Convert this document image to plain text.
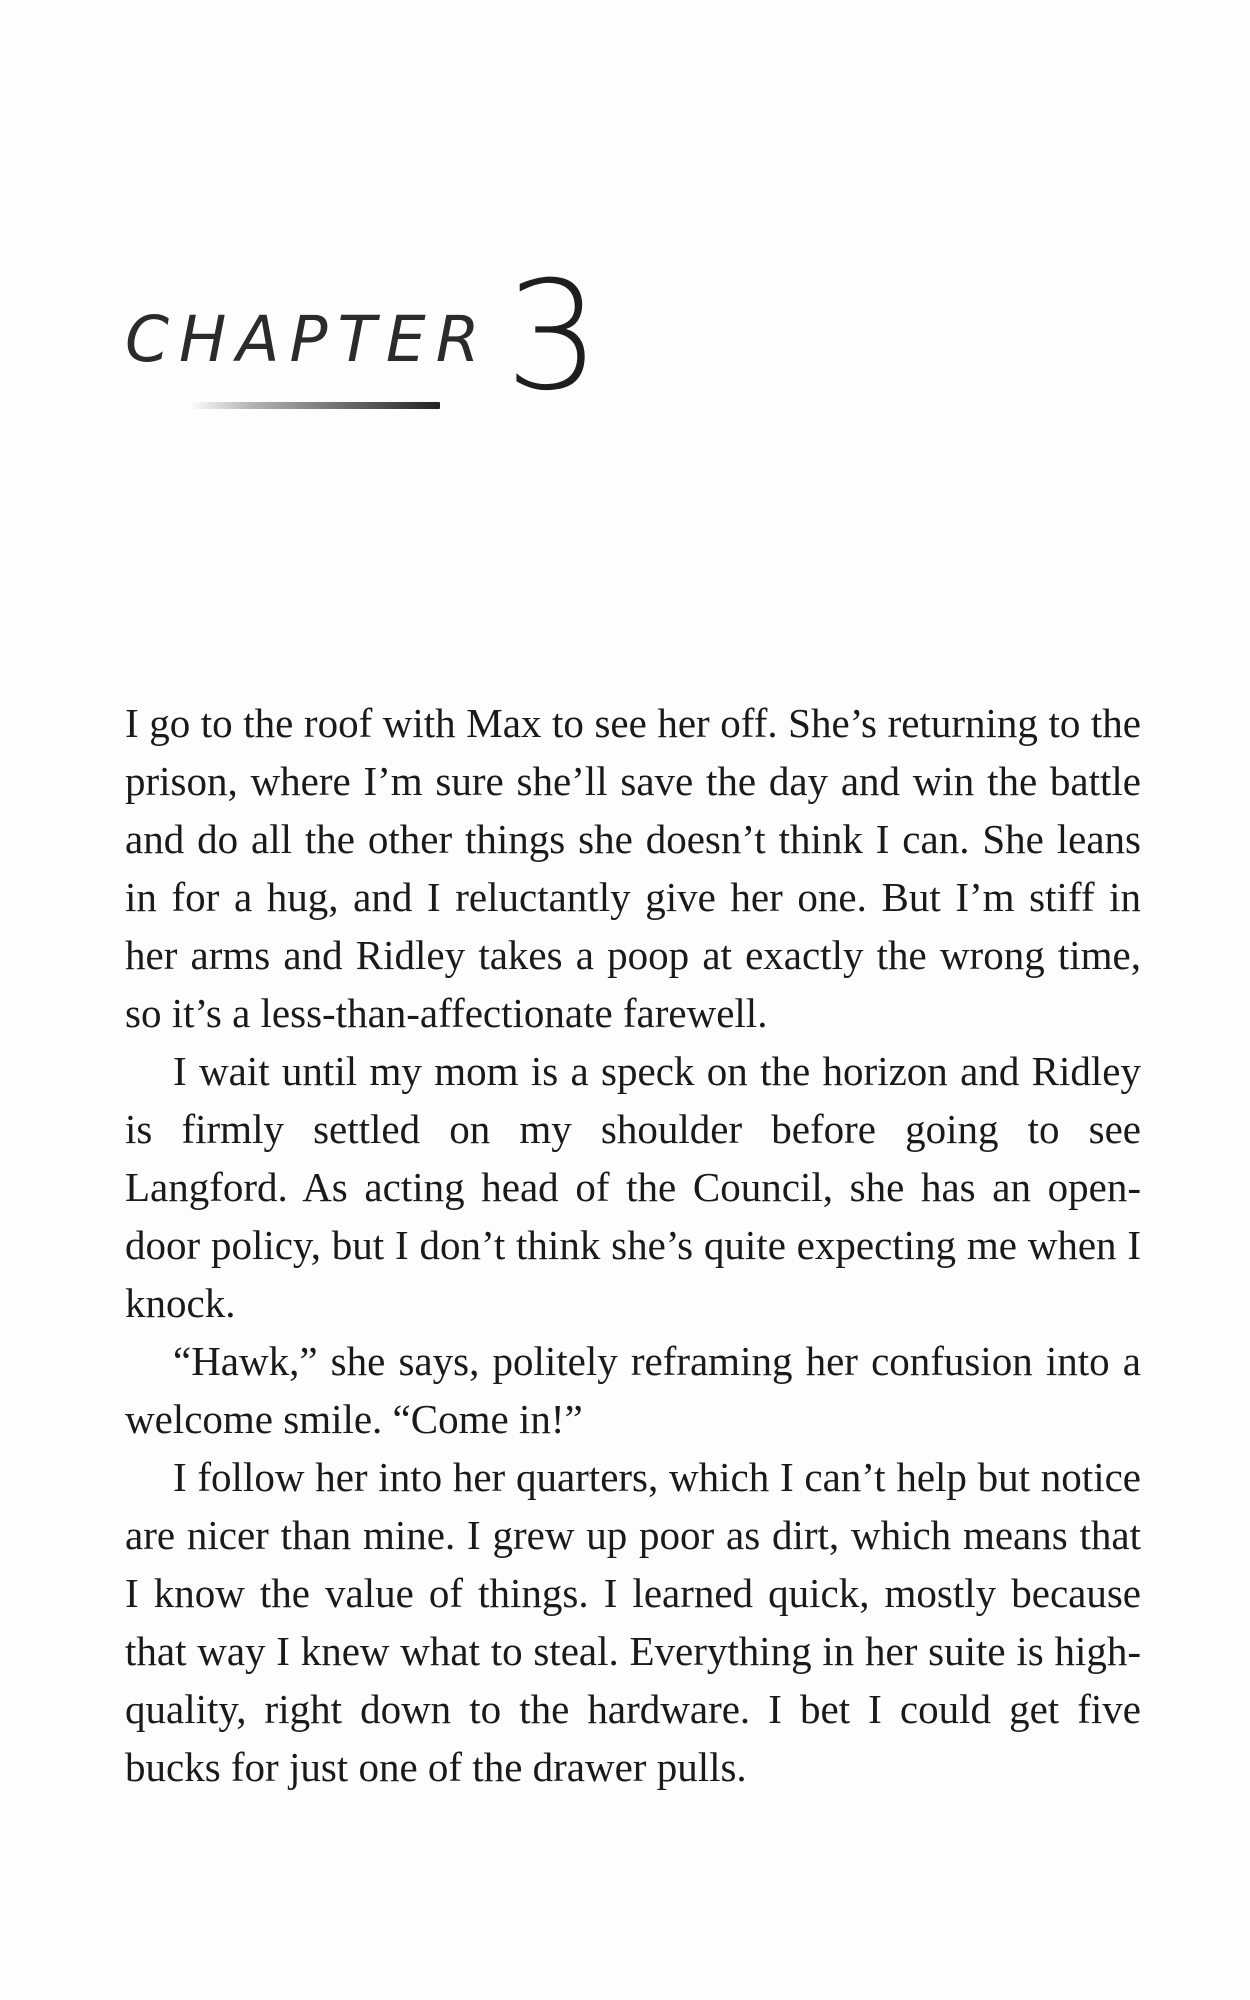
CHAPTER 3

I go to the roof with Max to see her off. She’s returning to the prison, where I’m sure she’ll save the day and win the battle and do all the other things she doesn’t think I can. She leans in for a hug, and I reluctantly give her one. But I’m stiff in her arms and Ridley takes a poop at exactly the wrong time, so it’s a less-than-affectionate farewell.

I wait until my mom is a speck on the horizon and Ridley is firmly settled on my shoulder before going to see Langford. As acting head of the Council, she has an open-door policy, but I don’t think she’s quite expecting me when I knock.

“Hawk,” she says, politely reframing her confusion into a welcome smile. “Come in!”

I follow her into her quarters, which I can’t help but notice are nicer than mine. I grew up poor as dirt, which means that I know the value of things. I learned quick, mostly because that way I knew what to steal. Everything in her suite is high-quality, right down to the hardware. I bet I could get five bucks for just one of the drawer pulls.
